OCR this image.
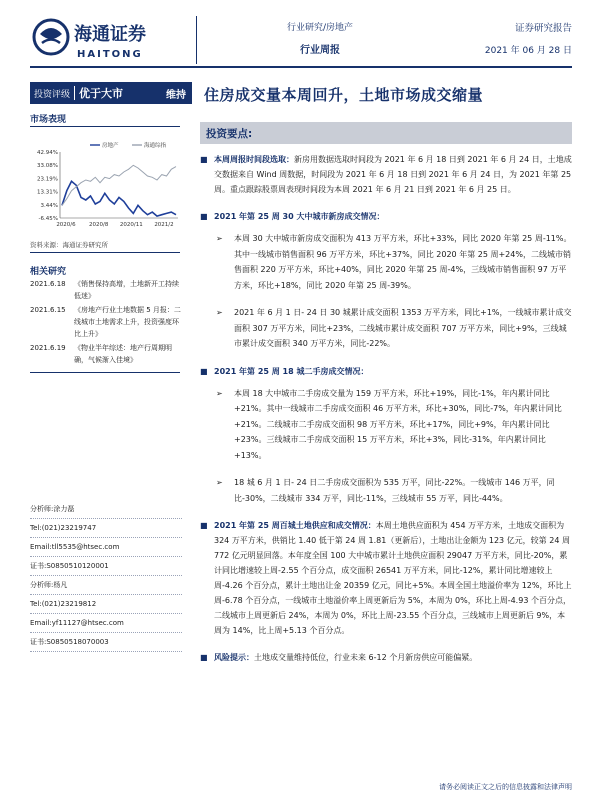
海通证券
HAITONG
行业研究/房地产
行业周报
证券研究报告
2021 年 06 月 28 日
投资评级 优于大市	维持	住房成交量本周回升，土地市场成交缩量
市场表现
42.94%
33.08%
23.19%
13.31%
3.44%
-6.45%
2020/6 2020/8 2020/11 2021/2
房地产	海通综指
资料来源：海通证券研究所
相关研究
2021.6.18	《销售保持高增，土地新开工持续低迷》
2021.6.15	《房地产行业土地数据 5 月报：二线城市土地需求上升，投资强度环比上升》
2021.6.19	《物业半年综述：地产行周期明确，气候渐入佳境》
分析师:涂力磊
Tel:(021)23219747
Email:tll5535@htsec.com
证书:S0850510120001
分析师:杨凡
Tel:(021)23219812
Email:yf11127@htsec.com
证书:S0850518070003
投资要点:
■ 本周周报时间段选取：新房用数据选取时间段为 2021 年 6 月 18 日到 2021 年 6 月 24 日，土地成交数据来自 Wind 周数据，时间段为 2021 年 6 月 18 日到 2021 年 6 月 24 日，为 2021 年第 25 周。重点跟踪股票周表现时间段为本周 2021 年 6 月 21 日到 2021 年 6 月 25 日。
■ 2021 年第 25 周 30 大中城市新房成交情况：
➢	本周 30 大中城市新房成交面积为 413 万平方米，环比+33%，同比 2020 年第 25 周-11%。其中一线城市销售面积 96 万平方米，环比+37%，同比 2020 年第 25 周+24%，二线城市销售面积 220 万平方米，环比+40%，同比 2020 年第 25 周-4%，三线城市销售面积 97 万平方米，环比+18%，同比 2020 年第 25 周-39%。
➢	2021 年 6 月 1 日- 24 日 30 城累计成交面积 1353 万平方米，同比+1%，一线城市累计成交面积 307 万平方米，同比+23%，二线城市累计成交面积 707 万平方米，同比+9%，三线城市累计成交面积 340 万平方米，同比-22%。
■ 2021 年第 25 周 18 城二手房成交情况：
➢	本周 18 大中城市二手房成交量为 159 万平方米，环比+19%，同比-1%，年内累计同比+21%。其中一线城市二手房成交面积 46 万平方米，环比+30%，同比-7%，年内累计同比+21%。二线城市二手房成交面积 98 万平方米，环比+17%，同比+9%，年内累计同比+23%。三线城市二手房成交面积 15 万平方米，环比+3%，同比-31%，年内累计同比+13%。
➢	18 城 6 月 1 日- 24 日二手房成交面积为 535 万平，同比-22%。一线城市 146 万平，同比-30%，二线城市 334 万平，同比-11%，三线城市 55 万平，同比-44%。
■ 2021 年第 25 周百城土地供应和成交情况：本周土地供应面积为 454 万平方米，土地成交面积为 324 万平方米，供销比 1.40 低于第 24 周 1.81（更新后），土地出让金额为 123 亿元，较第 24 周 772 亿元明显回落。本年度全国 100 大中城市累计土地供应面积 29047 万平方米，同比-20%，累计同比增速较上周-2.55 个百分点，成交面积 26541 万平方米，同比-12%，累计同比增速较上周-4.26 个百分点，累计土地出让金 20359 亿元，同比+5%。本周全国土地溢价率为 12%，环比上周-6.78 个百分点，一线城市土地溢价率上周更新后为 5%，本周为 0%，环比上周-4.93 个百分点，二线城市上周更新后 24%，本周为 0%，环比上周-23.55 个百分点，三线城市上周更新后 9%，本周为 14%，比上周+5.13 个百分点。
■ 风险提示：土地成交量维持低位，行业未来 6-12 个月新房供应可能偏紧。
请务必阅读正文之后的信息披露和法律声明
